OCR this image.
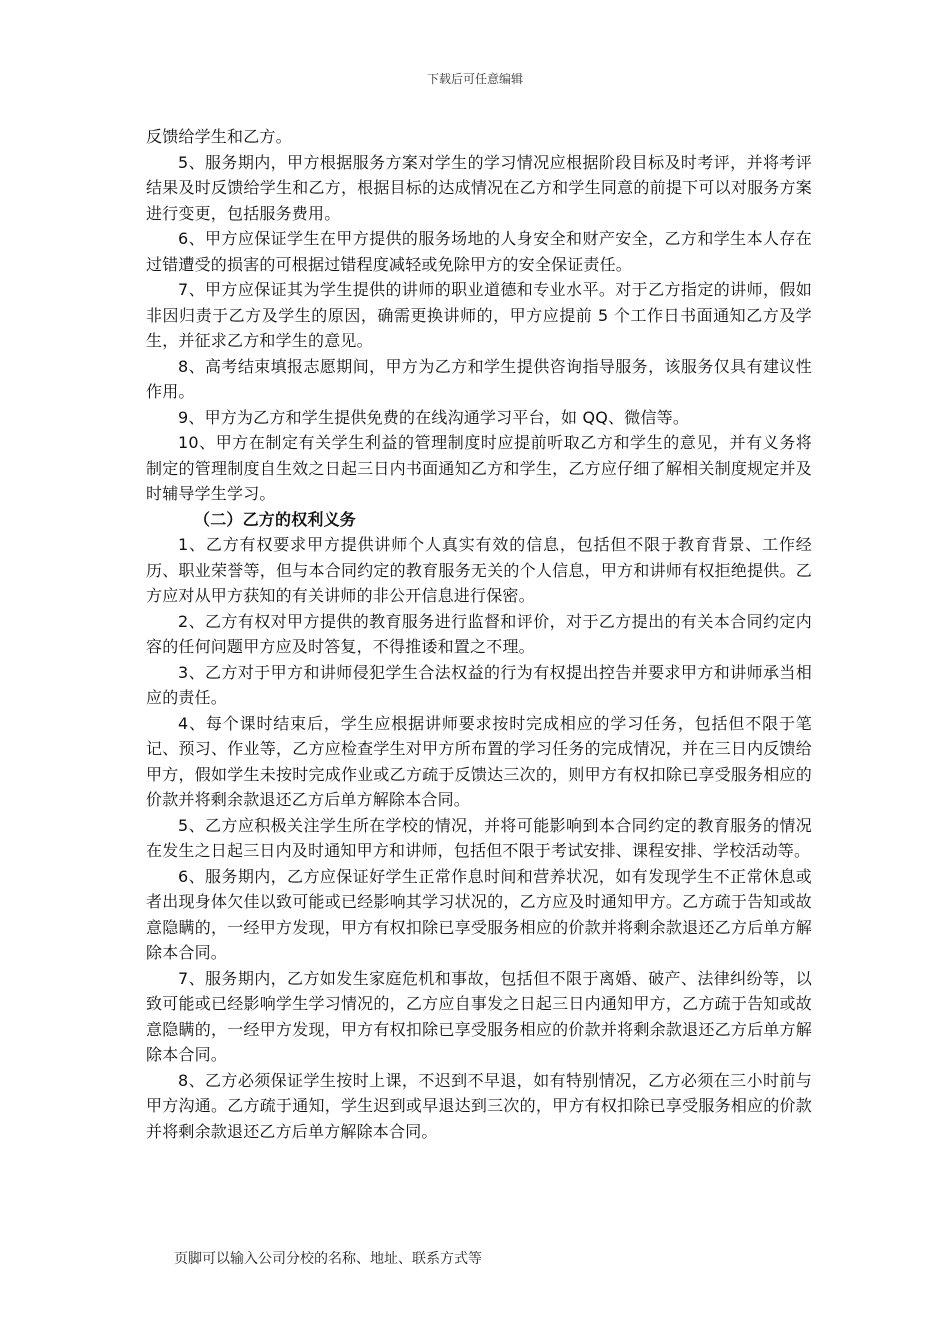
下载后可任意编辑

反馈给学生和乙方。

5、服务期内，甲方根据服务方案对学生的学习情况应根据阶段目标及时考评，并将考评结果及时反馈给学生和乙方，根据目标的达成情况在乙方和学生同意的前提下可以对服务方案进行变更，包括服务费用。

6、甲方应保证学生在甲方提供的服务场地的人身安全和财产安全，乙方和学生本人存在过错遭受的损害的可根据过错程度减轻或免除甲方的安全保证责任。

7、甲方应保证其为学生提供的讲师的职业道德和专业水平。对于乙方指定的讲师，假如非因归责于乙方及学生的原因，确需更换讲师的，甲方应提前 5 个工作日书面通知乙方及学生，并征求乙方和学生的意见。

8、高考结束填报志愿期间，甲方为乙方和学生提供咨询指导服务，该服务仅具有建议性作用。

9、甲方为乙方和学生提供免费的在线沟通学习平台，如 QQ、微信等。

10、甲方在制定有关学生利益的管理制度时应提前听取乙方和学生的意见，并有义务将制定的管理制度自生效之日起三日内书面通知乙方和学生，乙方应仔细了解相关制度规定并及时辅导学生学习。

（二）乙方的权利义务

1、乙方有权要求甲方提供讲师个人真实有效的信息，包括但不限于教育背景、工作经历、职业荣誉等，但与本合同约定的教育服务无关的个人信息，甲方和讲师有权拒绝提供。乙方应对从甲方获知的有关讲师的非公开信息进行保密。

2、乙方有权对甲方提供的教育服务进行监督和评价，对于乙方提出的有关本合同约定内容的任何问题甲方应及时答复，不得推诿和置之不理。

3、乙方对于甲方和讲师侵犯学生合法权益的行为有权提出控告并要求甲方和讲师承当相应的责任。

4、每个课时结束后，学生应根据讲师要求按时完成相应的学习任务，包括但不限于笔记、预习、作业等，乙方应检查学生对甲方所布置的学习任务的完成情况，并在三日内反馈给甲方，假如学生未按时完成作业或乙方疏于反馈达三次的，则甲方有权扣除已享受服务相应的价款并将剩余款退还乙方后单方解除本合同。

5、乙方应积极关注学生所在学校的情况，并将可能影响到本合同约定的教育服务的情况在发生之日起三日内及时通知甲方和讲师，包括但不限于考试安排、课程安排、学校活动等。

6、服务期内，乙方应保证好学生正常作息时间和营养状况，如有发现学生不正常休息或者出现身体欠佳以致可能或已经影响其学习状况的，乙方应及时通知甲方。乙方疏于告知或故意隐瞒的，一经甲方发现，甲方有权扣除已享受服务相应的价款并将剩余款退还乙方后单方解除本合同。

7、服务期内，乙方如发生家庭危机和事故，包括但不限于离婚、破产、法律纠纷等，以致可能或已经影响学生学习情况的，乙方应自事发之日起三日内通知甲方，乙方疏于告知或故意隐瞒的，一经甲方发现，甲方有权扣除已享受服务相应的价款并将剩余款退还乙方后单方解除本合同。

8、乙方必须保证学生按时上课，不迟到不早退，如有特别情况，乙方必须在三小时前与甲方沟通。乙方疏于通知，学生迟到或早退达到三次的，甲方有权扣除已享受服务相应的价款并将剩余款退还乙方后单方解除本合同。

页脚可以输入公司分校的名称、地址、联系方式等
